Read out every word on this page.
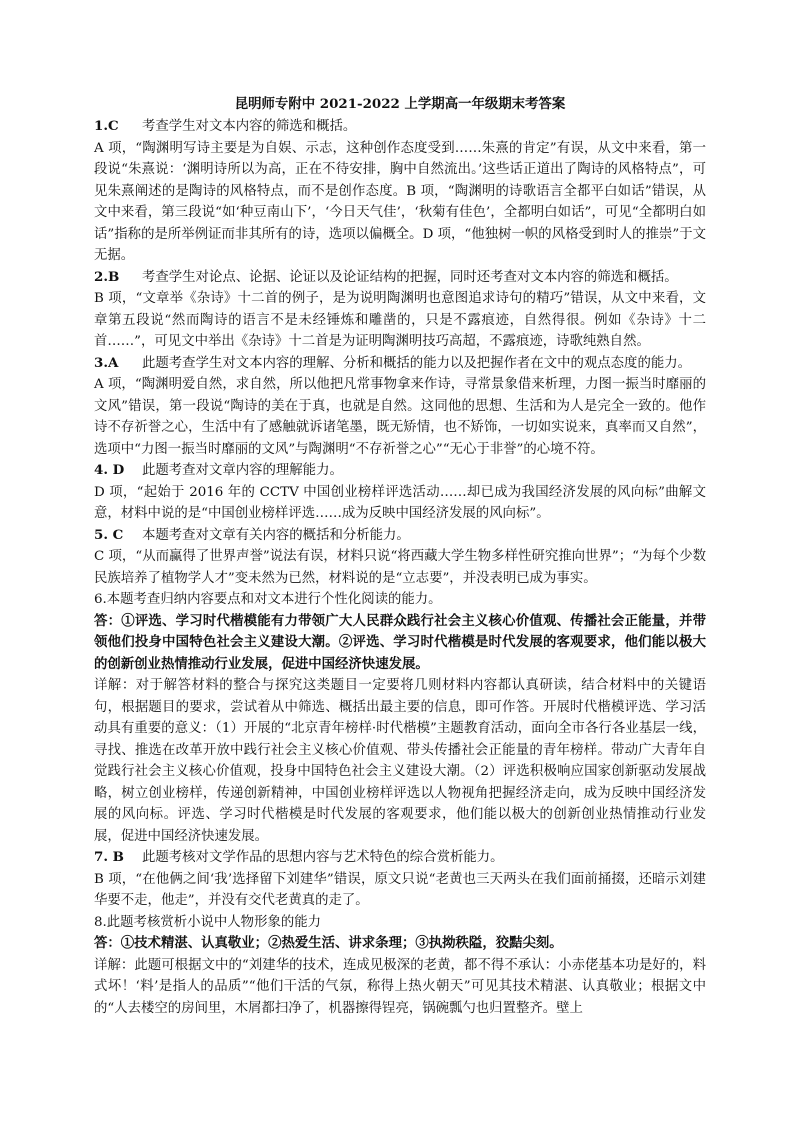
昆明师专附中 2021-2022 上学期高一年级期末考答案
1.C 考查学生对文本内容的筛选和概括。
A 项，“陶渊明写诗主要是为自娱、示志，这种创作态度受到……朱熹的肯定”有误，从文中来看，第一段说“朱熹说：‘渊明诗所以为高，正在不待安排，胸中自然流出。’这些话正道出了陶诗的风格特点”，可见朱熹阐述的是陶诗的风格特点，而不是创作态度。B 项，“陶渊明的诗歌语言全都平白如话”错误，从文中来看，第三段说“如‘种豆南山下’，‘今日天气佳’，‘秋菊有佳色’，全都明白如话”，可见“全都明白如话”指称的是所举例证而非其所有的诗，选项以偏概全。D 项，“他独树一帜的风格受到时人的推崇”于文无据。
2.B 考查学生对论点、论据、论证以及论证结构的把握，同时还考查对文本内容的筛选和概括。
B 项，“文章举《杂诗》十二首的例子，是为说明陶渊明也意图追求诗句的精巧”错误，从文中来看，文章第五段说“然而陶诗的语言不是未经锤炼和雕凿的，只是不露痕迹，自然得很。例如《杂诗》十二首……”，可见文中举出《杂诗》十二首是为证明陶渊明技巧高超，不露痕迹，诗歌纯熟自然。
3.A 此题考查学生对文本内容的理解、分析和概括的能力以及把握作者在文中的观点态度的能力。
A 项，“陶渊明爱自然，求自然，所以他把凡常事物拿来作诗，寻常景象借来析理，力图一振当时靡丽的文风”错误，第一段说“陶诗的美在于真，也就是自然。这同他的思想、生活和为人是完全一致的。他作诗不存祈誉之心，生活中有了感触就诉诸笔墨，既无矫情，也不矫饰，一切如实说来，真率而又自然”，选项中“力图一振当时靡丽的文风”与陶渊明“不存祈誉之心”“无心于非誉”的心境不符。
4. D 此题考查对文章内容的理解能力。
D 项，“起始于 2016 年的 CCTV 中国创业榜样评选活动……却已成为我国经济发展的风向标”曲解文意，材料中说的是“中国创业榜样评选……成为反映中国经济发展的风向标”。
5. C 本题考查对文章有关内容的概括和分析能力。
C 项，“从而赢得了世界声誉”说法有误，材料只说“将西藏大学生物多样性研究推向世界”；“为每个少数民族培养了植物学人才”变未然为已然，材料说的是“立志要”，并没表明已成为事实。
6.本题考查归纳内容要点和对文本进行个性化阅读的能力。
答：①评选、学习时代楷模能有力带领广大人民群众践行社会主义核心价值观、传播社会正能量，并带领他们投身中国特色社会主义建设大潮。②评选、学习时代楷模是时代发展的客观要求，他们能以极大的创新创业热情推动行业发展，促进中国经济快速发展。
详解：对于解答材料的整合与探究这类题目一定要将几则材料内容都认真研读，结合材料中的关键语句，根据题目的要求，尝试着从中筛选、概括出最主要的信息，即可作答。开展时代楷模评选、学习活动具有重要的意义：（1）开展的“北京青年榜样·时代楷模”主题教育活动，面向全市各行各业基层一线，寻找、推选在改革开放中践行社会主义核心价值观、带头传播社会正能量的青年榜样。带动广大青年自觉践行社会主义核心价值观，投身中国特色社会主义建设大潮。（2）评选积极响应国家创新驱动发展战略，树立创业榜样，传递创新精神，中国创业榜样评选以人物视角把握经济走向，成为反映中国经济发展的风向标。评选、学习时代楷模是时代发展的客观要求，他们能以极大的创新创业热情推动行业发展，促进中国经济快速发展。
7. B 此题考核对文学作品的思想内容与艺术特色的综合赏析能力。
B 项，“在他俩之间‘我’选择留下刘建华”错误，原文只说“老黄也三天两头在我们面前捅掇，还暗示刘建华要不走，他走”，并没有交代老黄真的走了。
8.此题考核赏析小说中人物形象的能力
答：①技术精湛、认真敬业；②热爱生活、讲求条理；③执拗秩隘，狡黠尖刻。
详解：此题可根据文中的“刘建华的技术，连成见极深的老黄，都不得不承认：小赤佬基本功是好的，料式坏！‘料’是指人的品质”“他们干活的气氛，称得上热火朝天”可见其技术精湛、认真敬业；根据文中的“人去楼空的房间里，木屑都扫净了，机器擦得锃亮，锅碗瓢勺也归置整齐。壁上
